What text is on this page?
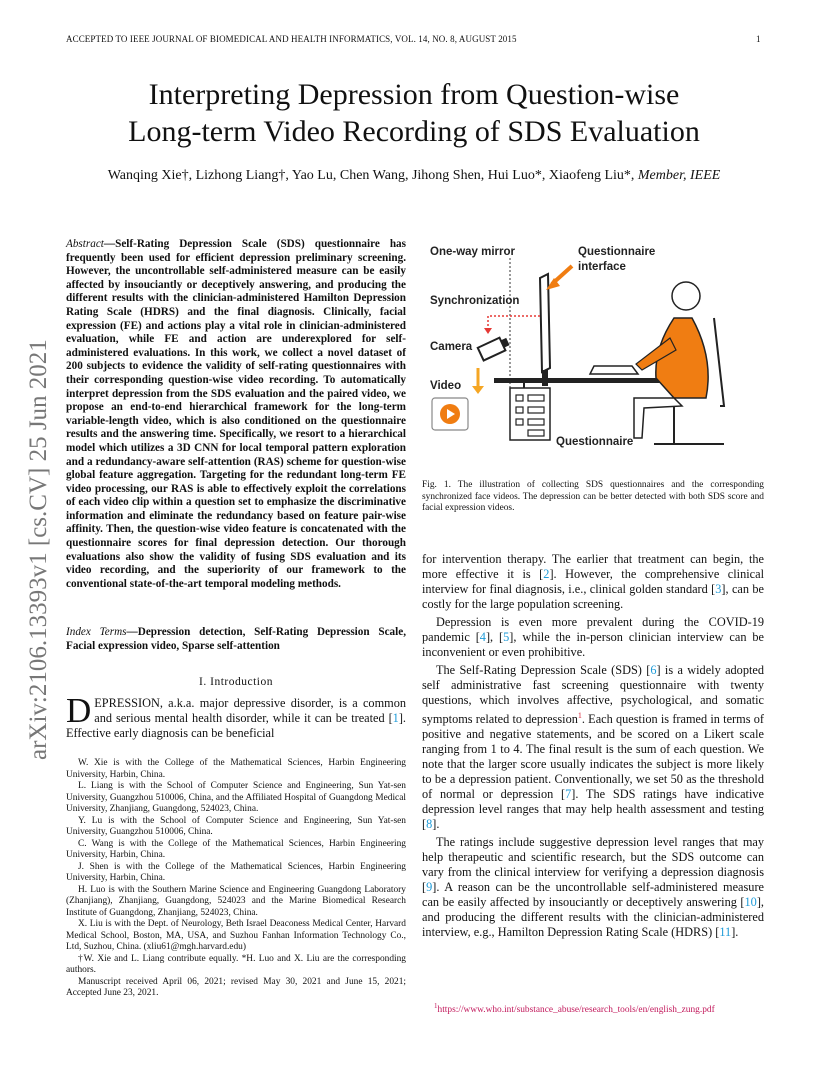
ACCEPTED TO IEEE JOURNAL OF BIOMEDICAL AND HEALTH INFORMATICS, VOL. 14, NO. 8, AUGUST 2015	1
Interpreting Depression from Question-wise
Long-term Video Recording of SDS Evaluation
Wanqing Xie†, Lizhong Liang†, Yao Lu, Chen Wang, Jihong Shen, Hui Luo*, Xiaofeng Liu*, Member, IEEE
arXiv:2106.13393v1 [cs.CV] 25 Jun 2021
Abstract—Self-Rating Depression Scale (SDS) questionnaire has frequently been used for efficient depression preliminary screening. However, the uncontrollable self-administered measure can be easily affected by insouciantly or deceptively answering, and producing the different results with the clinician-administered Hamilton Depression Rating Scale (HDRS) and the final diagnosis. Clinically, facial expression (FE) and actions play a vital role in clinician-administered evaluation, while FE and action are underexplored for self-administered evaluations. In this work, we collect a novel dataset of 200 subjects to evidence the validity of self-rating questionnaires with their corresponding question-wise video recording. To automatically interpret depression from the SDS evaluation and the paired video, we propose an end-to-end hierarchical framework for the long-term variable-length video, which is also conditioned on the questionnaire results and the answering time. Specifically, we resort to a hierarchical model which utilizes a 3D CNN for local temporal pattern exploration and a redundancy-aware self-attention (RAS) scheme for question-wise global feature aggregation. Targeting for the redundant long-term FE video processing, our RAS is able to effectively exploit the correlations of each video clip within a question set to emphasize the discriminative information and eliminate the redundancy based on feature pair-wise affinity. Then, the question-wise video feature is concatenated with the questionnaire scores for final depression detection. Our thorough evaluations also show the validity of fusing SDS evaluation and its video recording, and the superiority of our framework to the conventional state-of-the-art temporal modeling methods.
Index Terms—Depression detection, Self-Rating Depression Scale, Facial expression video, Sparse self-attention
I. Introduction
DEPRESSION, a.k.a. major depressive disorder, is a common and serious mental health disorder, while it can be treated [1]. Effective early diagnosis can be beneficial

W. Xie is with the College of the Mathematical Sciences, Harbin Engineering University, Harbin, China.

L. Liang is with the School of Computer Science and Engineering, Sun Yat-sen University, Guangzhou 510006, China, and the Affiliated Hospital of Guangdong Medical University, Zhanjiang, Guangdong, 524023, China.

Y. Lu is with the School of Computer Science and Engineering, Sun Yat-sen University, Guangzhou 510006, China.

C. Wang is with the College of the Mathematical Sciences, Harbin Engineering University, Harbin, China.

J. Shen is with the College of the Mathematical Sciences, Harbin Engineering University, Harbin, China.

H. Luo is with the Southern Marine Science and Engineering Guangdong Laboratory (Zhanjiang), Zhanjiang, Guangdong, 524023 and the Marine Biomedical Research Institute of Guangdong, Zhanjiang, 524023, China.

X. Liu is with the Dept. of Neurology, Beth Israel Deaconess Medical Center, Harvard Medical School, Boston, MA, USA, and Suzhou Fanhan Information Technology Co., Ltd, Suzhou, China. (xliu61@mgh.harvard.edu)

†W. Xie and L. Liang contribute equally. *H. Luo and X. Liu are the corresponding authors.

Manuscript received April 06, 2021; revised May 30, 2021 and June 15, 2021; Accepted June 23, 2021.

One-way mirror	Questionnaire
interface
Synchronization
Camera
Video
Questionnaire
Fig. 1. The illustration of collecting SDS questionnaires and the corresponding synchronized face videos. The depression can be better detected with both SDS score and facial expression videos.

for intervention therapy. The earlier that treatment can begin, the more effective it is [2]. However, the comprehensive clinical interview for final diagnosis, i.e., clinical golden standard [3], can be costly for the large population screening.

Depression is even more prevalent during the COVID-19 pandemic [4], [5], while the in-person clinician interview can be inconvenient or even prohibitive.

The Self-Rating Depression Scale (SDS) [6] is a widely adopted self administrative fast screening questionnaire with twenty questions, which involves affective, psychological, and somatic symptoms related to depression$^1$. Each question is framed in terms of positive and negative statements, and be scored on a Likert scale ranging from 1 to 4. The final result is the sum of each question. We note that the larger score usually indicates the subject is more likely to be a depression patient. Conventionally, we set 50 as the threshold of normal or depression [7]. The SDS ratings have indicative depression level ranges that may help health assessment and testing [8].

The ratings include suggestive depression level ranges that may help therapeutic and scientific research, but the SDS outcome can vary from the clinical interview for verifying a depression diagnosis [9]. A reason can be the uncontrollable self-administered measure can be easily affected by insouciantly or deceptively answering [10], and producing the different results with the clinician-administered interview, e.g., Hamilton Depression Rating Scale (HDRS) [11].

$^1$https://www.who.int/substance_abuse/research_tools/en/english_zung.pdf
